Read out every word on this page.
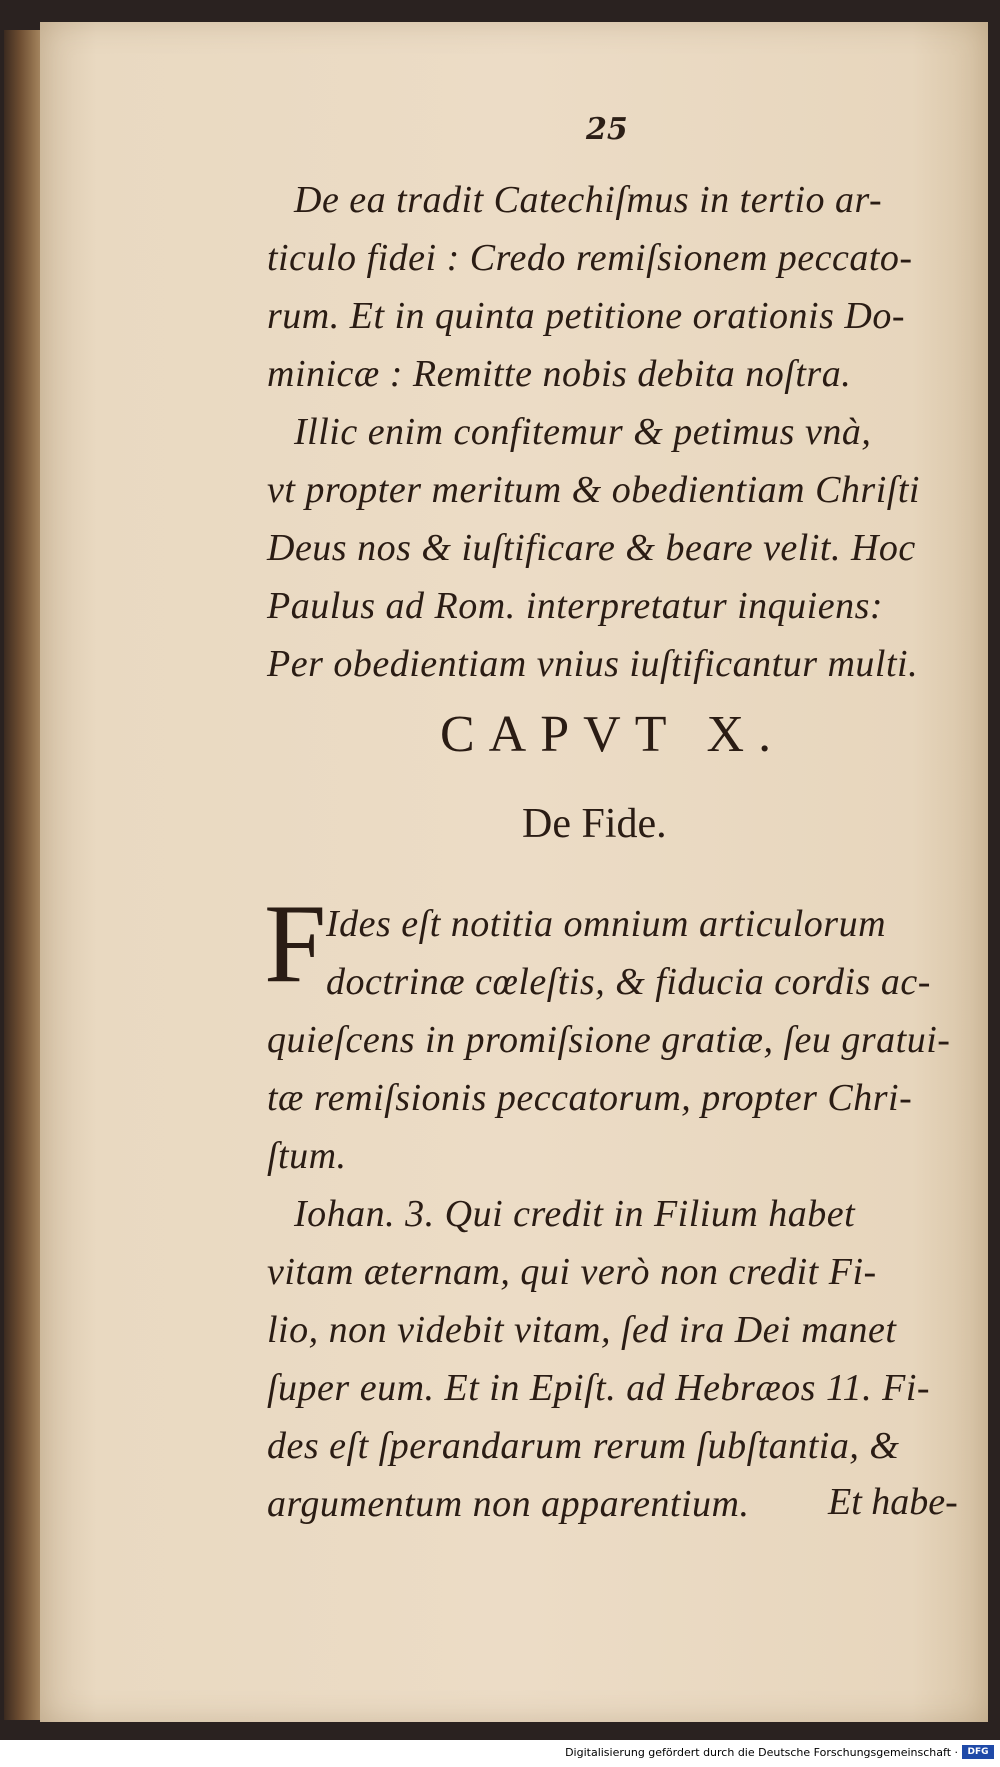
25
De ea tradit Catechiſmus in tertio ar-
ticulo fidei : Credo remiſsionem peccato-
rum. Et in quinta petitione orationis Do-
minicæ : Remitte nobis debita noſtra.
Illic enim confitemur & petimus vnà,
vt propter meritum & obedientiam Chriſti
Deus nos & iuſtificare & beare velit. Hoc
Paulus ad Rom. interpretatur inquiens:
Per obedientiam vnius iuſtificantur multi.
CAPVT X.
De Fide.
F Ides eſt notitia omnium articulorum
doctrinæ cœleſtis, & fiducia cordis ac-
quieſcens in promiſsione gratiæ, ſeu gratui-
tæ remiſsionis peccatorum, propter Chri-
ſtum.
Iohan. 3. Qui credit in Filium habet
vitam æternam, qui verò non credit Fi-
lio, non videbit vitam, ſed ira Dei manet
ſuper eum. Et in Epiſt. ad Hebræos 11. Fi-
des eſt ſperandarum rerum ſubſtantia, &
argumentum non apparentium. Et habe-
Digitalisierung gefördert durch die Deutsche Forschungsgemeinschaft ·	DFG
